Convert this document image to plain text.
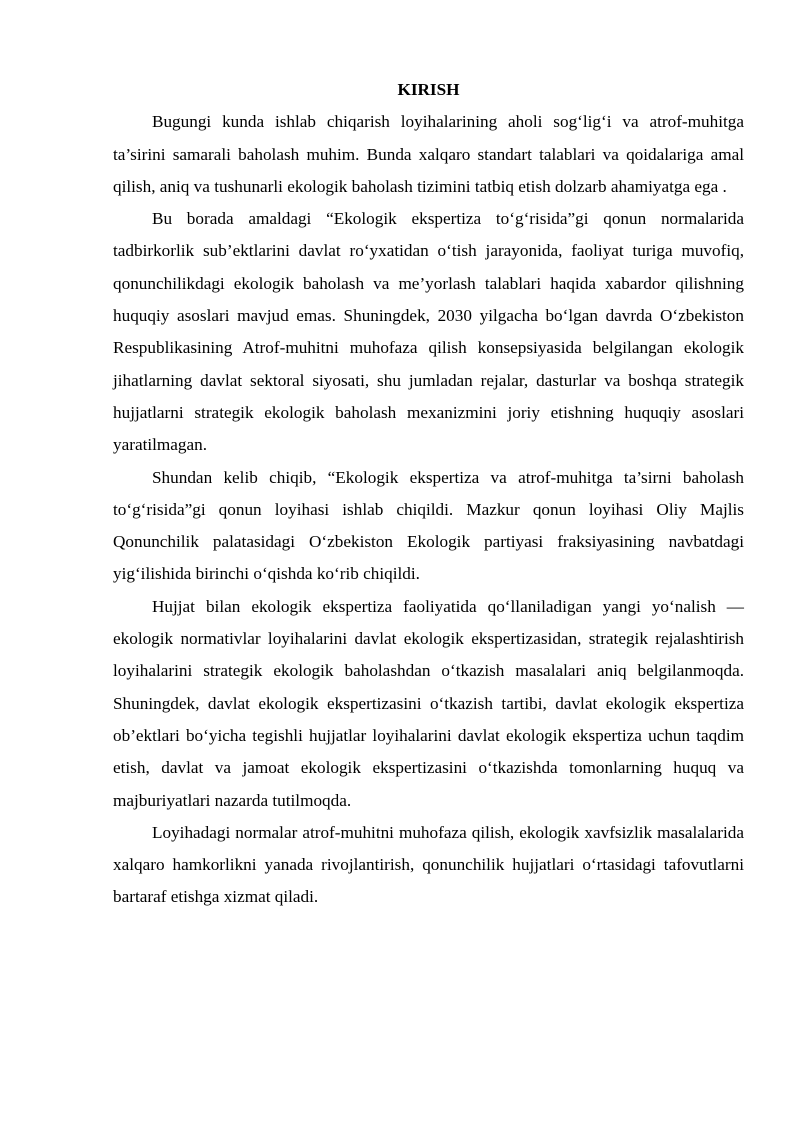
KIRISH

Bugungi kunda ishlab chiqarish loyihalarining aholi sog‘lig‘i va atrof-muhitga ta’sirini samarali baholash muhim. Bunda xalqaro standart talablari va qoidalariga amal qilish, aniq va tushunarli ekologik baholash tizimini tatbiq etish dolzarb ahamiyatga ega .

Bu borada amaldagi “Ekologik ekspertiza to‘g‘risida”gi qonun normalarida tadbirkorlik sub’ektlarini davlat ro‘yxatidan o‘tish jarayonida, faoliyat turiga muvofiq, qonunchilikdagi ekologik baholash va me’yorlash talablari haqida xabardor qilishning huquqiy asoslari mavjud emas. Shuningdek, 2030 yilgacha bo‘lgan davrda O‘zbekiston Respublikasining Atrof-muhitni muhofaza qilish konsepsiyasida belgilangan ekologik jihatlarning davlat sektoral siyosati, shu jumladan rejalar, dasturlar va boshqa strategik hujjatlarni strategik ekologik baholash mexanizmini joriy etishning huquqiy asoslari yaratilmagan.

Shundan kelib chiqib, “Ekologik ekspertiza va atrof-muhitga ta’sirni baholash to‘g‘risida”gi qonun loyihasi ishlab chiqildi. Mazkur qonun loyihasi Oliy Majlis Qonunchilik palatasidagi O‘zbekiston Ekologik partiyasi fraksiyasining navbatdagi yig‘ilishida birinchi o‘qishda ko‘rib chiqildi.

Hujjat bilan ekologik ekspertiza faoliyatida qo‘llaniladigan yangi yo‘nalish — ekologik normativlar loyihalarini davlat ekologik ekspertizasidan, strategik rejalashtirish loyihalarini strategik ekologik baholashdan o‘tkazish masalalari aniq belgilanmoqda. Shuningdek, davlat ekologik ekspertizasini o‘tkazish tartibi, davlat ekologik ekspertiza ob’ektlari bo‘yicha tegishli hujjatlar loyihalarini davlat ekologik ekspertiza uchun taqdim etish, davlat va jamoat ekologik ekspertizasini o‘tkazishda tomonlarning huquq va majburiyatlari nazarda tutilmoqda.

Loyihadagi normalar atrof-muhitni muhofaza qilish, ekologik xavfsizlik masalalarida xalqaro hamkorlikni yanada rivojlantirish, qonunchilik hujjatlari o‘rtasidagi tafovutlarni bartaraf etishga xizmat qiladi.
